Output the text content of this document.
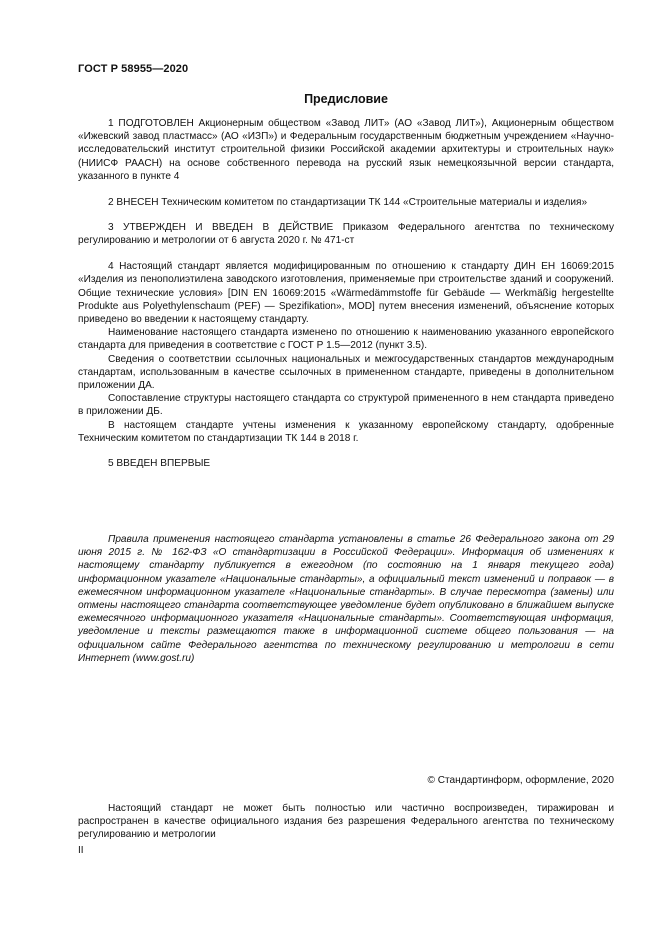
ГОСТ Р 58955—2020
Предисловие

1 ПОДГОТОВЛЕН Акционерным обществом «Завод ЛИТ» (АО «Завод ЛИТ»), Акционерным обществом «Ижевский завод пластмасс» (АО «ИЗП») и Федеральным государственным бюджетным учреждением «Научно-исследовательский институт строительной физики Российской академии архитектуры и строительных наук» (НИИСФ РААСН) на основе собственного перевода на русский язык немецкоязычной версии стандарта, указанного в пункте 4

2 ВНЕСЕН Техническим комитетом по стандартизации ТК 144 «Строительные материалы и изделия»

3 УТВЕРЖДЕН И ВВЕДЕН В ДЕЙСТВИЕ Приказом Федерального агентства по техническому регулированию и метрологии от 6 августа 2020 г. № 471-ст

4 Настоящий стандарт является модифицированным по отношению к стандарту ДИН ЕН 16069:2015 «Изделия из пенополиэтилена заводского изготовления, применяемые при строительстве зданий и сооружений. Общие технические условия» [DIN EN 16069:2015 «Wärmedämmstoffe für Gebäude — Werkmäßig hergestellte Produkte aus Polyethylenschaum (PEF) — Spezifikation», MOD] путем внесения изменений, объяснение которых приведено во введении к настоящему стандарту.

Наименование настоящего стандарта изменено по отношению к наименованию указанного европейского стандарта для приведения в соответствие с ГОСТ Р 1.5—2012 (пункт 3.5).

Сведения о соответствии ссылочных национальных и межгосударственных стандартов международным стандартам, использованным в качестве ссылочных в примененном стандарте, приведены в дополнительном приложении ДА.

Сопоставление структуры настоящего стандарта со структурой примененного в нем стандарта приведено в приложении ДБ.

В настоящем стандарте учтены изменения к указанному европейскому стандарту, одобренные Техническим комитетом по стандартизации ТК 144 в 2018 г.

5 ВВЕДЕН ВПЕРВЫЕ

Правила применения настоящего стандарта установлены в статье 26 Федерального закона от 29 июня 2015 г. № 162-ФЗ «О стандартизации в Российской Федерации». Информация об изменениях к настоящему стандарту публикуется в ежегодном (по состоянию на 1 января текущего года) информационном указателе «Национальные стандарты», а официальный текст изменений и поправок — в ежемесячном информационном указателе «Национальные стандарты». В случае пересмотра (замены) или отмены настоящего стандарта соответствующее уведомление будет опубликовано в ближайшем выпуске ежемесячного информационного указателя «Национальные стандарты». Соответствующая информация, уведомление и тексты размещаются также в информационной системе общего пользования — на официальном сайте Федерального агентства по техническому регулированию и метрологии в сети Интернет (www.gost.ru)

© Стандартинформ, оформление, 2020

Настоящий стандарт не может быть полностью или частично воспроизведен, тиражирован и распространен в качестве официального издания без разрешения Федерального агентства по техническому регулированию и метрологии

II
